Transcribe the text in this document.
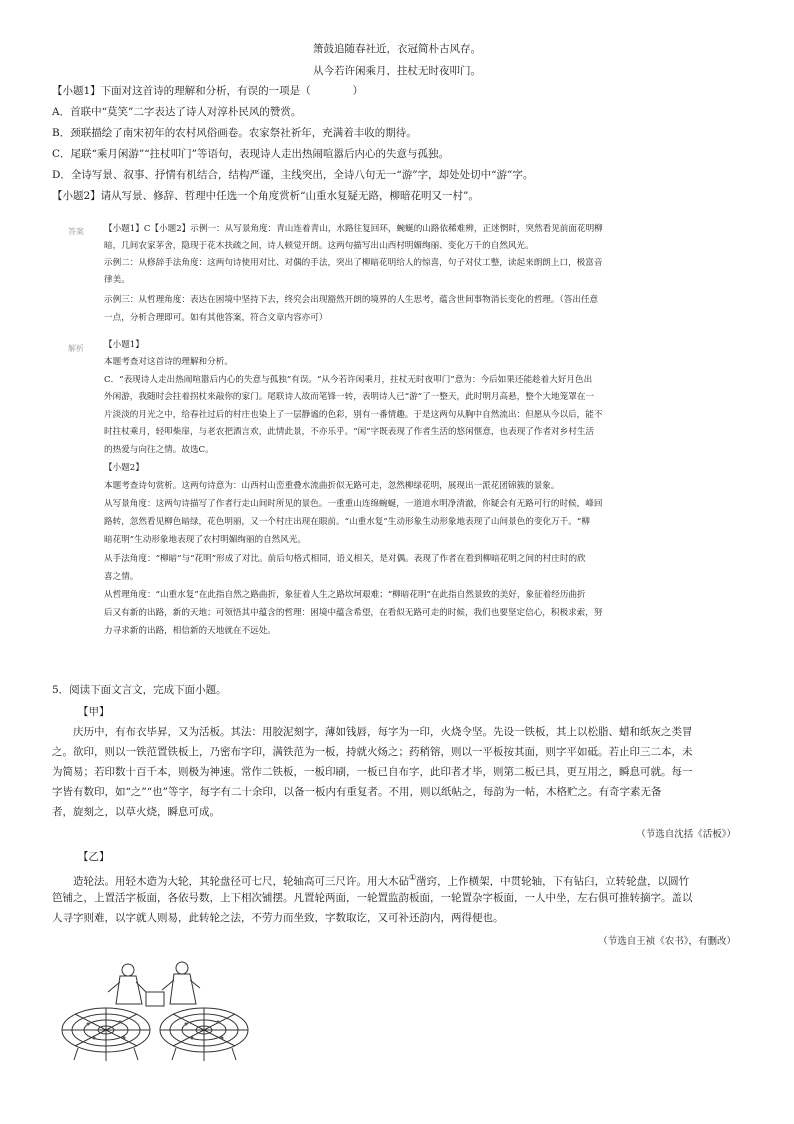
箫鼓追随春社近，衣冠简朴古风存。
从今若许闲乘月，拄杖无时夜叩门。
【小题1】下面对这首诗的理解和分析，有误的一项是（　　　　）
A．首联中“莫笑”二字表达了诗人对淳朴民风的赞赏。
B．颈联描绘了南宋初年的农村风俗画卷。农家祭社祈年，充满着丰收的期待。
C．尾联“乘月闲游”“拄杖叩门”等语句，表现诗人走出热闹喧嚣后内心的失意与孤独。
D．全诗写景、叙事、抒情有机结合，结构严谨，主线突出，全诗八句无一“游”字，却处处切中“游”字。
【小题2】请从写景、修辞、哲理中任选一个角度赏析“山重水复疑无路，柳暗花明又一村”。
答案 【小题1】C【小题2】示例一：从写景角度：青山连着青山，水路往复回环，蜿蜒的山路依稀难辨，正迷惘时，突然看见前面花明柳
暗，几间农家茅舍，隐现于花木扶疏之间，诗人顿觉开朗。这两句描写出山西村明媚绚丽、变化万千的自然风光。
示例二：从修辞手法角度：这两句诗使用对比、对偶的手法，突出了柳暗花明给人的惊喜，句子对仗工整，读起来朗朗上口，极富音
律美。
示例三：从哲理角度：表达在困境中坚持下去，终究会出现豁然开朗的境界的人生思考，蕴含世间事物消长变化的哲理。（答出任意
一点，分析合理即可。如有其他答案，符合文章内容亦可）
解析 【小题1】
本题考查对这首诗的理解和分析。
C．“表现诗人走出热闹喧嚣后内心的失意与孤独”有误。“从今若许闲乘月，拄杖无时夜叩门”意为：今后如果还能趁着大好月色出
外闲游，我随时会拄着拐杖来敲你的家门。尾联诗人故而笔锋一转，表明诗人已“游”了一整天，此时明月高悬，整个大地笼罩在一
片淡淡的月光之中，给春社过后的村庄也染上了一层静谧的色彩，别有一番情趣。于是这两句从胸中自然流出：但愿从今以后，能不
时拄杖乘月，轻叩柴扉，与老农把酒言欢，此情此景，不亦乐乎。“闲”字既表现了作者生活的悠闲惬意，也表现了作者对乡村生活
的热爱与向往之情。故选C。
【小题2】
本题考查诗句赏析。这两句诗意为：山西村山峦重叠水流曲折似无路可走，忽然柳绿花明，展现出一派花团锦簇的景象。
从写景角度：这两句诗描写了作者行走山间时所见的景色。一重重山连绵蜿蜒，一道道水明净清澈，你疑会有无路可行的时候，峰回
路转，忽然看见柳色暗绿，花色明丽，又一个村庄出现在眼前。“山重水复”生动形象生动形象地表现了山间景色的变化万千。“柳
暗花明”生动形象地表现了农村明媚绚丽的自然风光。
从手法角度：“柳暗”与“花明”形成了对比。前后句格式相同，语义相关，是对偶。表现了作者在看到柳暗花明之间的村庄时的欣
喜之情。
从哲理角度：“山重水复”在此指自然之路曲折，象征着人生之路坎坷艰难；“柳暗花明”在此指自然景致的美好，象征着经历曲折
后又有新的出路，新的天地；可领悟其中蕴含的哲理：困境中蕴含希望，在看似无路可走的时候，我们也要坚定信心，积极求索，努
力寻求新的出路，相信新的天地就在不远处。
5．阅读下面文言文，完成下面小题。
【甲】
　　庆历中，有布衣毕昇，又为活板。其法：用胶泥刻字，薄如钱唇，每字为一印，火烧令坚。先设一铁板，其上以松脂、蜡和纸灰之类冒
之。欲印，则以一铁范置铁板上，乃密布字印，满铁范为一板，持就火炀之；药稍镕，则以一平板按其面，则字平如砥。若止印三二本，未
为简易；若印数十百千本，则极为神速。常作二铁板，一板印刷，一板已自布字，此印者才毕，则第二板已具，更互用之，瞬息可就。每一
字皆有数印，如“之”“也”等字，每字有二十余印，以备一板内有重复者。不用，则以纸帖之，每韵为一帖，木格贮之。有奇字素无备
者，旋刻之，以草火烧，瞬息可成。
（节选自沈括《活板》）
【乙】
　　造轮法。用轻木造为大轮，其轮盘径可七尺，轮轴高可三尺许。用大木砧①凿窍，上作横架，中贯轮轴，下有钻臼，立转轮盘，以圆竹
笆铺之，上置活字板面，各依号数，上下相次铺摆。凡置轮两面，一轮置监韵板面，一轮置杂字板面，一人中坐，左右俱可推转摘字。盖以
人寻字则难，以字就人则易，此转轮之法，不劳力而坐致，字数取讫，又可补还韵内，两得便也。
（节选自王祯《农书》，有删改）
